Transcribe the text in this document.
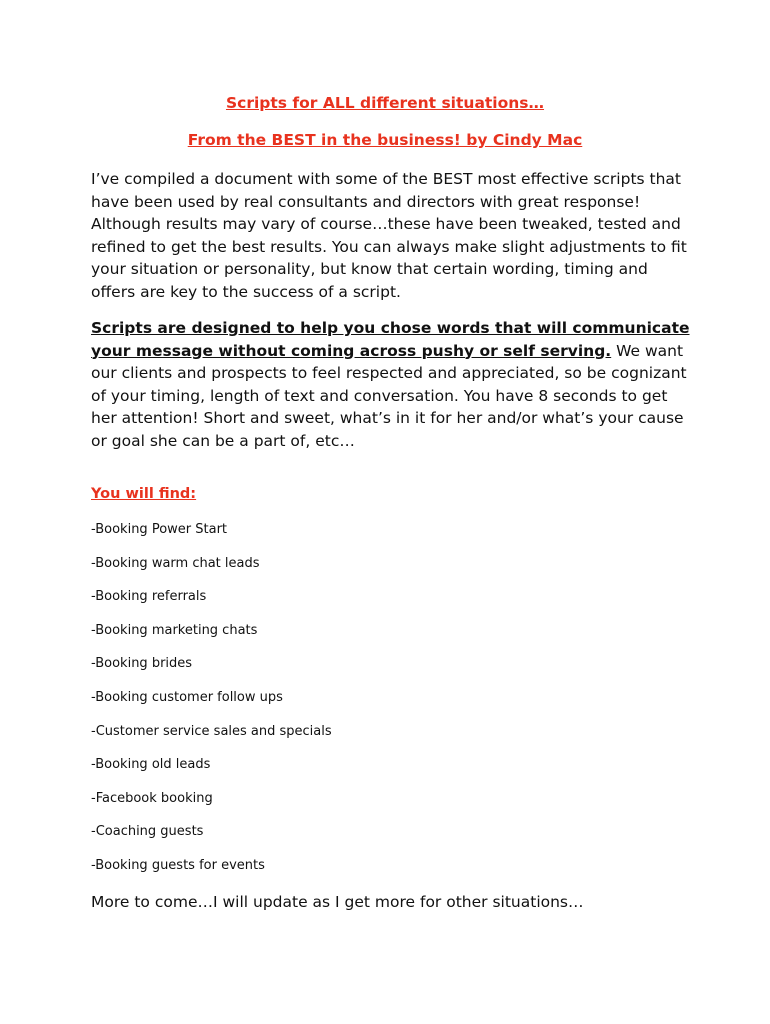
Scripts for ALL different situations…
From the BEST in the business! by Cindy Mac
I’ve compiled a document with some of the BEST most effective scripts that have been used by real consultants and directors with great response! Although results may vary of course…these have been tweaked, tested and refined to get the best results. You can always make slight adjustments to fit your situation or personality, but know that certain wording, timing and offers are key to the success of a script.
Scripts are designed to help you chose words that will communicate your message without coming across pushy or self serving. We want our clients and prospects to feel respected and appreciated, so be cognizant of your timing, length of text and conversation. You have 8 seconds to get her attention! Short and sweet, what’s in it for her and/or what’s your cause or goal she can be a part of, etc…
You will find:
-Booking Power Start
-Booking warm chat leads
-Booking referrals
-Booking marketing chats
-Booking brides
-Booking customer follow ups
-Customer service sales and specials
-Booking old leads
-Facebook booking
-Coaching guests
-Booking guests for events
More to come…I will update as I get more for other situations…
